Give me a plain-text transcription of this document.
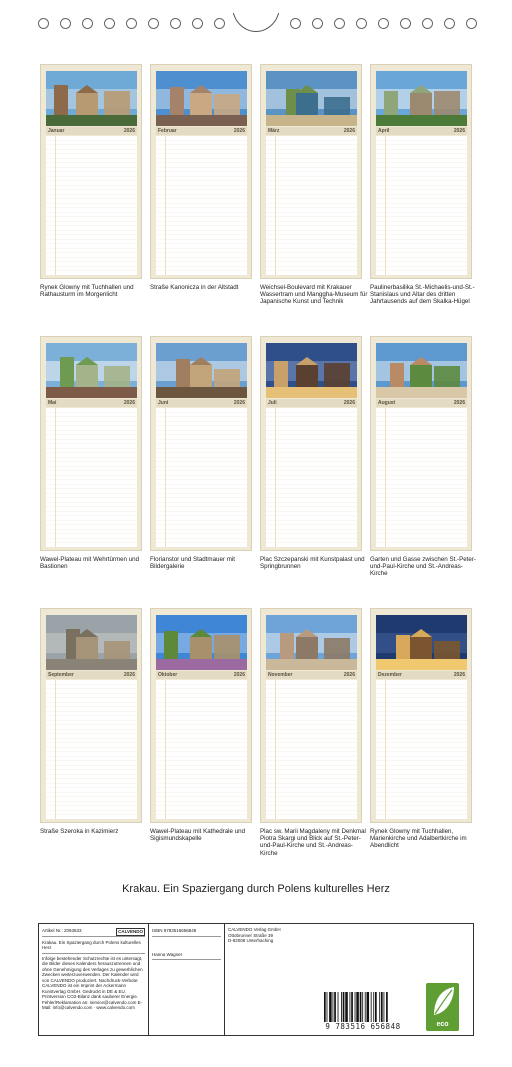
Januar	2026
Rynek Glowny mit Tuchhallen und Rathausturm im Morgenlicht
Februar	2026
Straße Kanonicza in der Altstadt
März	2026
Weichsel-Boulevard mit Krakauer Wassertram und Manggha-Museum für Japanische Kunst und Technik
April	2026
Paulinerbasilika St.-Michaelis-und-St.-Stanislaus und Altar des dritten Jahrtausends auf dem Skalka-Hügel
Mai	2026
Wawel-Plateau mit Wehrtürmen und Bastionen
Juni	2026
Florianstor und Stadtmauer mit Bildergalerie
Juli	2026
Plac Szczepanski mit Kunstpalast und Springbrunnen
August	2026
Garten und Gasse zwischen St.-Peter-und-Paul-Kirche und St.-Andreas-Kirche
September	2026
Straße Szeroka in Kazimierz
Oktober	2026
Wawel-Plateau mit Kathedrale und Sigismundskapelle
November	2026
Plac sw. Marii Magdaleny mit Denkmal Piotra Skargi und Blick auf St.-Peter-und-Paul-Kirche und St.-Andreas-Kirche
Dezember	2026
Rynek Glowny mit Tuchhallen, Marienkirche und Adalbertkirche im Abendlicht
Krakau. Ein Spaziergang durch Polens kulturelles Herz
Artikel Nr.: 2093633	CALVENDO
Krakau. Ein Spaziergang durch Polens kulturelles Herz
Infolge bestehender Schutzrechte ist es untersagt, die Bilder dieses Kalenders herauszutrennen und ohne Genehmigung des Verlages zu gewerblichen Zwecken weiterzuverwenden. Der Kalender wird von CALVENDO produziert. Nachdruck-Verbote: CALVENDO ist ein Imprint der Ackermann Kunstverlag GmbH. Gedruckt in DE & EU. Printversion CO2-Bilanz dank sauberer Energie. Fehler/Reklamation an: service@calvendo.com E-Mail: info@calvendo.com · www.calvendo.com
ISBN 9783516656848
Hanna Wagner
CALVENDO Verlag GmbH
Ottobrunner Straße 39
D-82008 Unterhaching
9 783516 656848	eco
